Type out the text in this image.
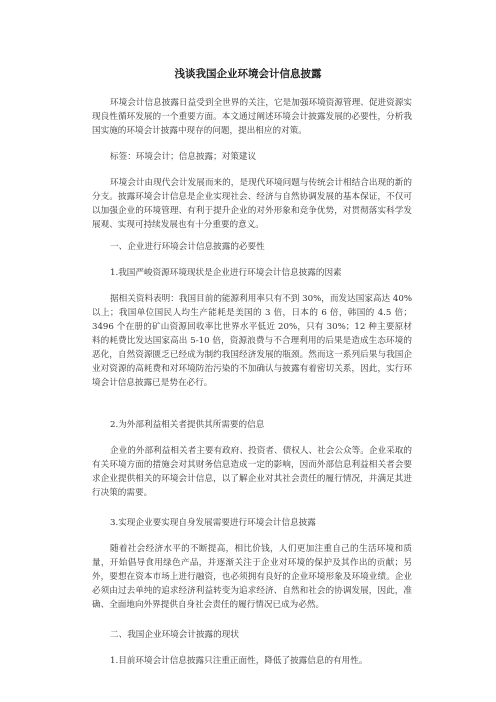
浅谈我国企业环境会计信息披露
环境会计信息披露日益受到全世界的关注，它是加强环境资源管理、促进资源实现良性循环发展的一个重要方面。本文通过阐述环境会计披露发展的必要性，分析我国实施的环境会计披露中现存的问题，提出相应的对策。
标签：环境会计；信息披露；对策建议
环境会计由现代会计发展而来的，是现代环境问题与传统会计相结合出现的新的分支。披露环境会计信息是企业实现社会、经济与自然协调发展的基本保证，不仅可以加强企业的环境管理、有利于提升企业的对外形象和竞争优势，对贯彻落实科学发展观、实现可持续发展也有十分重要的意义。
一、企业进行环境会计信息披露的必要性
1.我国严峻资源环境现状是企业进行环境会计信息披露的因素
据相关资料表明：我国目前的能源利用率只有不到 30%，而发达国家高达 40%以上；我国单位国民人均生产能耗是美国的 3 倍，日本的 6 倍，韩国的 4.5 倍；3496 个在册的矿山资源回收率比世界水平低近 20%，只有 30%；12 种主要原材料的耗费比发达国家高出 5-10 倍，资源浪费与不合理利用的后果是造成生态环境的恶化，自然资源匮乏已经成为制约我国经济发展的瓶颈。然而这一系列后果与我国企业对资源的高耗费和对环境防治污染的不加确认与披露有着密切关系，因此，实行环境会计信息披露已是势在必行。
2.为外部利益相关者提供其所需要的信息
企业的外部利益相关者主要有政府、投资者、债权人、社会公众等。企业采取的有关环境方面的措施会对其财务信息造成一定的影响，因而外部信息利益相关者会要求企业提供相关的环境会计信息，以了解企业对其社会责任的履行情况，并满足其进行决策的需要。
3.实现企业要实现自身发展需要进行环境会计信息披露
随着社会经济水平的不断提高，相比价钱，人们更加注重自己的生活环境和质量，开始倡导食用绿色产品，并逐渐关注于企业对环境的保护及其作出的贡献；另外，要想在资本市场上进行融资，也必须拥有良好的企业环境形象及环境业绩。企业必须由过去单纯的追求经济利益转变为追求经济、自然和社会的协调发展，因此，准确、全面地向外界提供自身社会责任的履行情况已成为必然。
二、我国企业环境会计披露的现状
1.目前环境会计信息披露只注重正面性，降低了披露信息的有用性。
